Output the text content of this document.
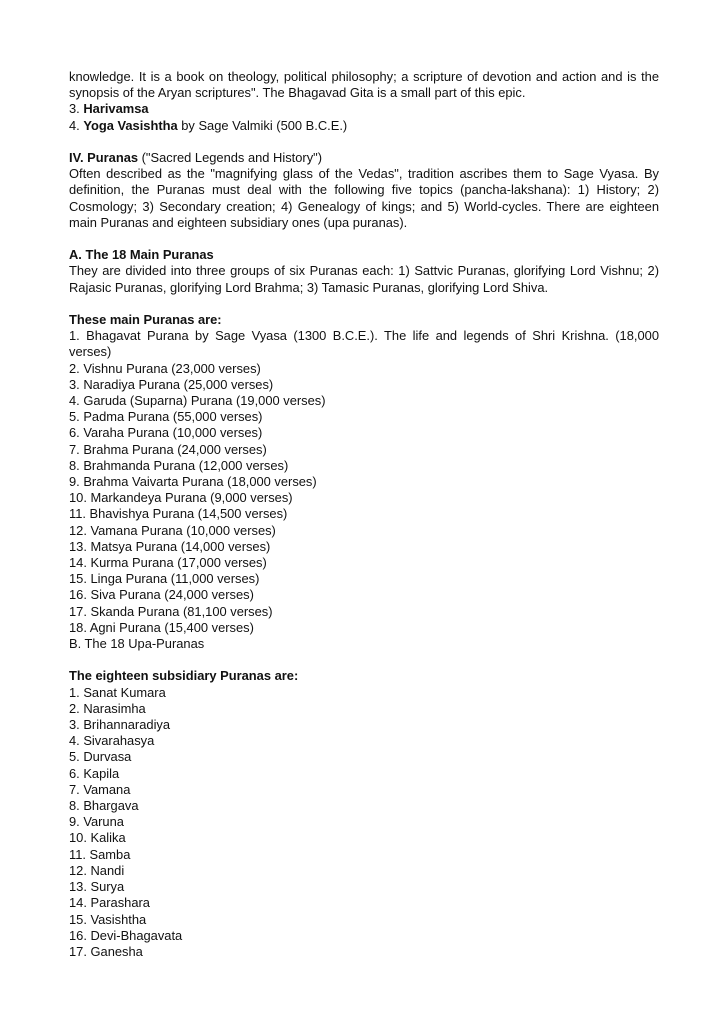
knowledge. It is a book on theology, political philosophy; a scripture of devotion and action and is the synopsis of the Aryan scriptures". The Bhagavad Gita is a small part of this epic.
3. Harivamsa
4. Yoga Vasishtha by Sage Valmiki (500 B.C.E.)
IV. Puranas ("Sacred Legends and History")
Often described as the "magnifying glass of the Vedas", tradition ascribes them to Sage Vyasa. By definition, the Puranas must deal with the following five topics (pancha-lakshana): 1) History; 2) Cosmology; 3) Secondary creation; 4) Genealogy of kings; and 5) World-cycles. There are eighteen main Puranas and eighteen subsidiary ones (upa puranas).
A. The 18 Main Puranas
They are divided into three groups of six Puranas each: 1) Sattvic Puranas, glorifying Lord Vishnu; 2) Rajasic Puranas, glorifying Lord Brahma; 3) Tamasic Puranas, glorifying Lord Shiva.
These main Puranas are:
1. Bhagavat Purana by Sage Vyasa (1300 B.C.E.). The life and legends of Shri Krishna. (18,000 verses)
2. Vishnu Purana (23,000 verses)
3. Naradiya Purana (25,000 verses)
4. Garuda (Suparna) Purana (19,000 verses)
5. Padma Purana (55,000 verses)
6. Varaha Purana (10,000 verses)
7. Brahma Purana (24,000 verses)
8. Brahmanda Purana (12,000 verses)
9. Brahma Vaivarta Purana (18,000 verses)
10. Markandeya Purana (9,000 verses)
11. Bhavishya Purana (14,500 verses)
12. Vamana Purana (10,000 verses)
13. Matsya Purana (14,000 verses)
14. Kurma Purana (17,000 verses)
15. Linga Purana (11,000 verses)
16. Siva Purana (24,000 verses)
17. Skanda Purana (81,100 verses)
18. Agni Purana (15,400 verses)
B. The 18 Upa-Puranas
The eighteen subsidiary Puranas are:
1. Sanat Kumara
2. Narasimha
3. Brihannaradiya
4. Sivarahasya
5. Durvasa
6. Kapila
7. Vamana
8. Bhargava
9. Varuna
10. Kalika
11. Samba
12. Nandi
13. Surya
14. Parashara
15. Vasishtha
16. Devi-Bhagavata
17. Ganesha
